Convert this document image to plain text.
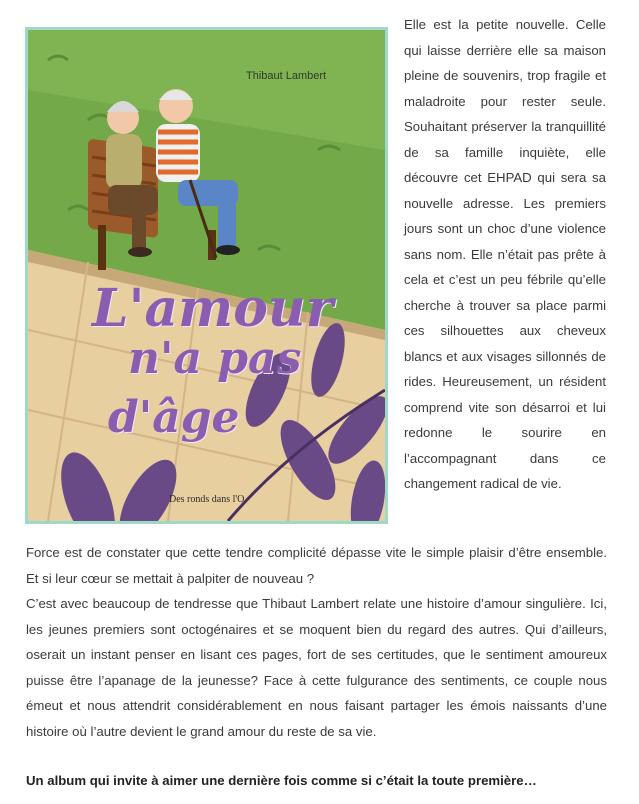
Thibaut Lambert
L'amour
n'a pas
d'âge
Des ronds dans l'O

Elle est la petite nouvelle. Celle qui laisse derrière elle sa maison pleine de souvenirs, trop fragile et maladroite pour rester seule. Souhaitant préserver la tranquillité de sa famille inquiète, elle découvre cet EHPAD qui sera sa nouvelle adresse. Les premiers jours sont un choc d’une violence sans nom. Elle n’était pas prête à cela et c’est un peu fébrile qu’elle cherche à trouver sa place parmi ces silhouettes aux cheveux blancs et aux visages sillonnés de rides. Heureusement, un résident comprend vite son désarroi et lui redonne le sourire en l’accompagnant dans ce changement radical de vie.

Force est de constater que cette tendre complicité dépasse vite le simple plaisir d’être ensemble. Et si leur cœur se mettait à palpiter de nouveau ?

C’est avec beaucoup de tendresse que Thibaut Lambert relate une histoire d’amour singulière. Ici, les jeunes premiers sont octogénaires et se moquent bien du regard des autres. Qui d’ailleurs, oserait un instant penser en lisant ces pages, fort de ses certitudes, que le sentiment amoureux puisse être l’apanage de la jeunesse? Face à cette fulgurance des sentiments, ce couple nous émeut et nous attendrit considérablement en nous faisant partager les émois naissants d’une histoire où l’autre devient le grand amour du reste de sa vie.

Un album qui invite à aimer une dernière fois comme si c’était la toute première…
